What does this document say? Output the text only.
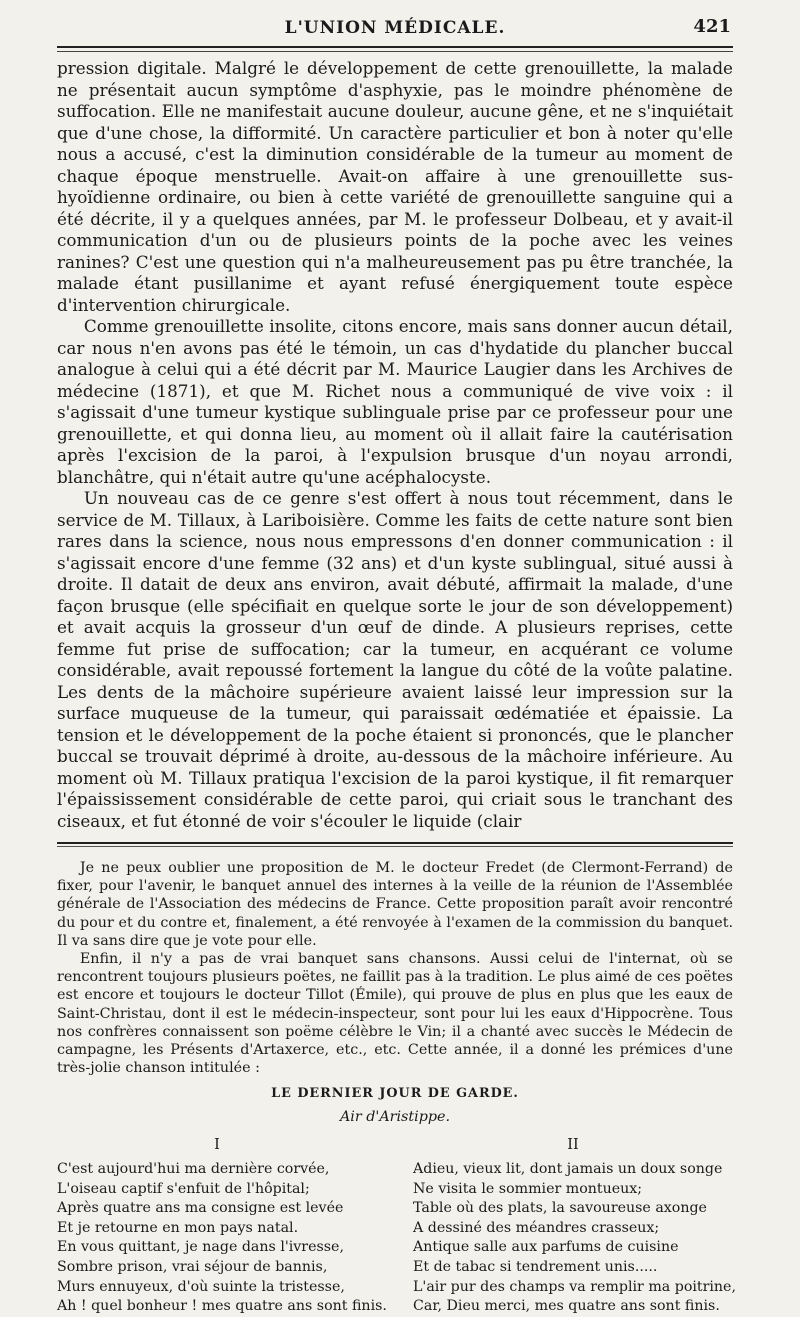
L'UNION MÉDICALE.	421

pression digitale. Malgré le développement de cette grenouillette, la malade ne présentait aucun symptôme d'asphyxie, pas le moindre phénomène de suffocation. Elle ne manifestait aucune douleur, aucune gêne, et ne s'inquiétait que d'une chose, la difformité. Un caractère particulier et bon à noter qu'elle nous a accusé, c'est la diminution considérable de la tumeur au moment de chaque époque menstruelle. Avait-on affaire à une grenouillette sus-hyoïdienne ordinaire, ou bien à cette variété de grenouillette sanguine qui a été décrite, il y a quelques années, par M. le professeur Dolbeau, et y avait-il communication d'un ou de plusieurs points de la poche avec les veines ranines? C'est une question qui n'a malheureusement pas pu être tranchée, la malade étant pusillanime et ayant refusé énergiquement toute espèce d'intervention chirurgicale.

Comme grenouillette insolite, citons encore, mais sans donner aucun détail, car nous n'en avons pas été le témoin, un cas d'hydatide du plancher buccal analogue à celui qui a été décrit par M. Maurice Laugier dans les Archives de médecine (1871), et que M. Richet nous a communiqué de vive voix : il s'agissait d'une tumeur kystique sublinguale prise par ce professeur pour une grenouillette, et qui donna lieu, au moment où il allait faire la cautérisation après l'excision de la paroi, à l'expulsion brusque d'un noyau arrondi, blanchâtre, qui n'était autre qu'une acéphalocyste.

Un nouveau cas de ce genre s'est offert à nous tout récemment, dans le service de M. Tillaux, à Lariboisière. Comme les faits de cette nature sont bien rares dans la science, nous nous empressons d'en donner communication : il s'agissait encore d'une femme (32 ans) et d'un kyste sublingual, situé aussi à droite. Il datait de deux ans environ, avait débuté, affirmait la malade, d'une façon brusque (elle spécifiait en quelque sorte le jour de son développement) et avait acquis la grosseur d'un œuf de dinde. A plusieurs reprises, cette femme fut prise de suffocation; car la tumeur, en acquérant ce volume considérable, avait repoussé fortement la langue du côté de la voûte palatine. Les dents de la mâchoire supérieure avaient laissé leur impression sur la surface muqueuse de la tumeur, qui paraissait œdématiée et épaissie. La tension et le développement de la poche étaient si prononcés, que le plancher buccal se trouvait déprimé à droite, au-dessous de la mâchoire inférieure. Au moment où M. Tillaux pratiqua l'excision de la paroi kystique, il fit remarquer l'épaississement considérable de cette paroi, qui criait sous le tranchant des ciseaux, et fut étonné de voir s'écouler le liquide (clair

Je ne peux oublier une proposition de M. le docteur Fredet (de Clermont-Ferrand) de fixer, pour l'avenir, le banquet annuel des internes à la veille de la réunion de l'Assemblée générale de l'Association des médecins de France. Cette proposition paraît avoir rencontré du pour et du contre et, finalement, a été renvoyée à l'examen de la commission du banquet. Il va sans dire que je vote pour elle.

Enfin, il n'y a pas de vrai banquet sans chansons. Aussi celui de l'internat, où se rencontrent toujours plusieurs poëtes, ne faillit pas à la tradition. Le plus aimé de ces poëtes est encore et toujours le docteur Tillot (Émile), qui prouve de plus en plus que les eaux de Saint-Christau, dont il est le médecin-inspecteur, sont pour lui les eaux d'Hippocrène. Tous nos confrères connaissent son poëme célèbre le Vin; il a chanté avec succès le Médecin de campagne, les Présents d'Artaxerce, etc., etc. Cette année, il a donné les prémices d'une très-jolie chanson intitulée :

LE DERNIER JOUR DE GARDE.
Air d'Aristippe.
I
C'est aujourd'hui ma dernière corvée,
L'oiseau captif s'enfuit de l'hôpital;
Après quatre ans ma consigne est levée
Et je retourne en mon pays natal.
En vous quittant, je nage dans l'ivresse,
Sombre prison, vrai séjour de bannis,
Murs ennuyeux, d'où suinte la tristesse,
Ah ! quel bonheur ! mes quatre ans sont finis.
II
Adieu, vieux lit, dont jamais un doux songe
Ne visita le sommier montueux;
Table où des plats, la savoureuse axonge
A dessiné des méandres crasseux;
Antique salle aux parfums de cuisine
Et de tabac si tendrement unis.....
L'air pur des champs va remplir ma poitrine,
Car, Dieu merci, mes quatre ans sont finis.
